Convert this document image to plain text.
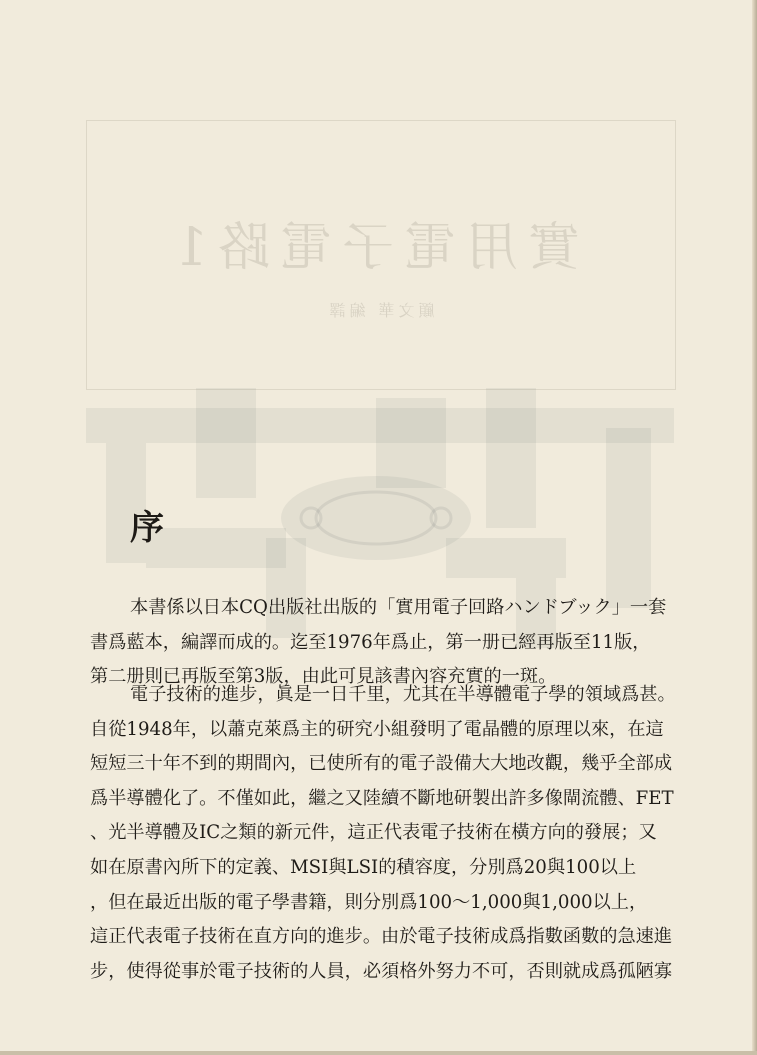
實用電子電路1
顧文華 編譯
序
本書係以日本CQ出版社出版的「實用電子回路ハンドブック」一套
書爲藍本，編譯而成的。迄至1976年爲止，第一册已經再版至11版，
第二册則已再版至第3版，由此可見該書內容充實的一斑。
電子技術的進步，眞是一日千里，尤其在半導體電子學的領域爲甚。
自從1948年，以蕭克萊爲主的研究小組發明了電晶體的原理以來，在這
短短三十年不到的期間內，已使所有的電子設備大大地改觀，幾乎全部成
爲半導體化了。不僅如此，繼之又陸續不斷地研製出許多像閘流體、FET
、光半導體及IC之類的新元件，這正代表電子技術在橫方向的發展；又
如在原書內所下的定義、MSI與LSI的積容度，分別爲20與100以上
，但在最近出版的電子學書籍，則分別爲100～1,000與1,000以上，
這正代表電子技術在直方向的進步。由於電子技術成爲指數函數的急速進
步，使得從事於電子技術的人員，必須格外努力不可，否則就成爲孤陋寡
